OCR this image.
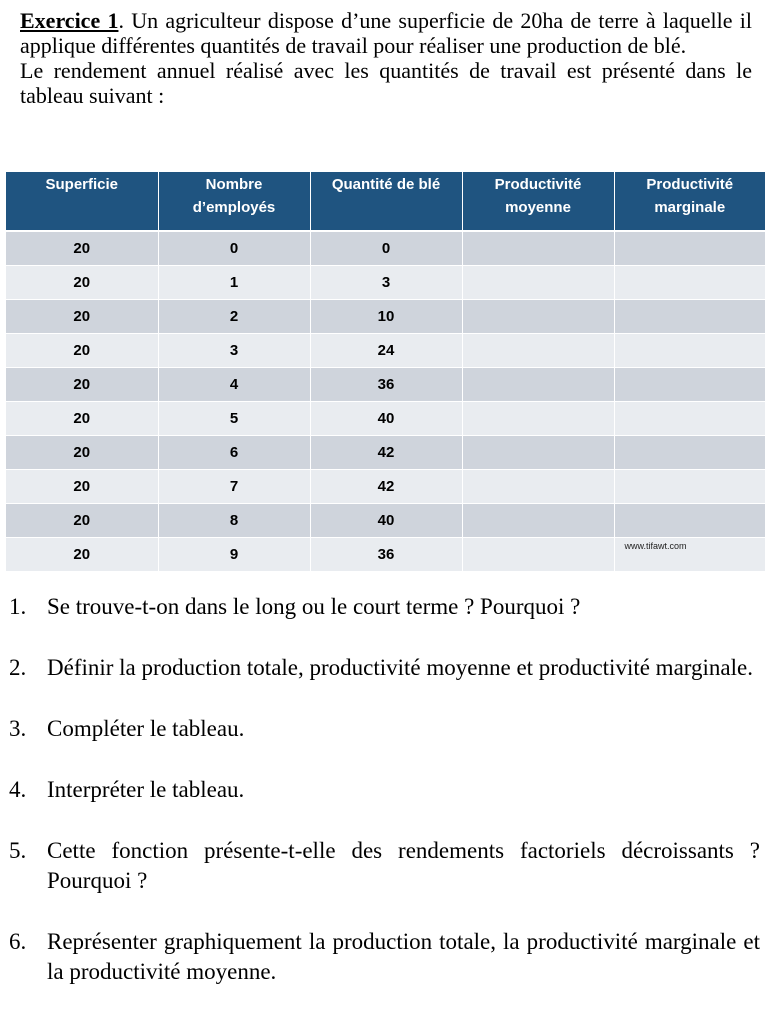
Exercice 1. Un agriculteur dispose d’une superficie de 20ha de terre à laquelle il applique différentes quantités de travail pour réaliser une production de blé.

Le rendement annuel réalisé avec les quantités de travail est présenté dans le tableau suivant :

Superficie	Nombre d’employés	Quantité de blé	Productivité moyenne	Productivité marginale
20	0	0		
20	1	3		
20	2	10		
20	3	24		
20	4	36		
20	5	40		
20	6	42		
20	7	42		
20	8	40		
20	9	36		www.tifawt.com
1. Se trouve-t-on dans le long ou le court terme ? Pourquoi ?
2. Définir la production totale, productivité moyenne et productivité marginale.
3. Compléter le tableau.
4. Interpréter le tableau.
5. Cette fonction présente-t-elle des rendements factoriels décroissants ? Pourquoi ?
6. Représenter graphiquement la production totale, la productivité marginale et la productivité moyenne.
